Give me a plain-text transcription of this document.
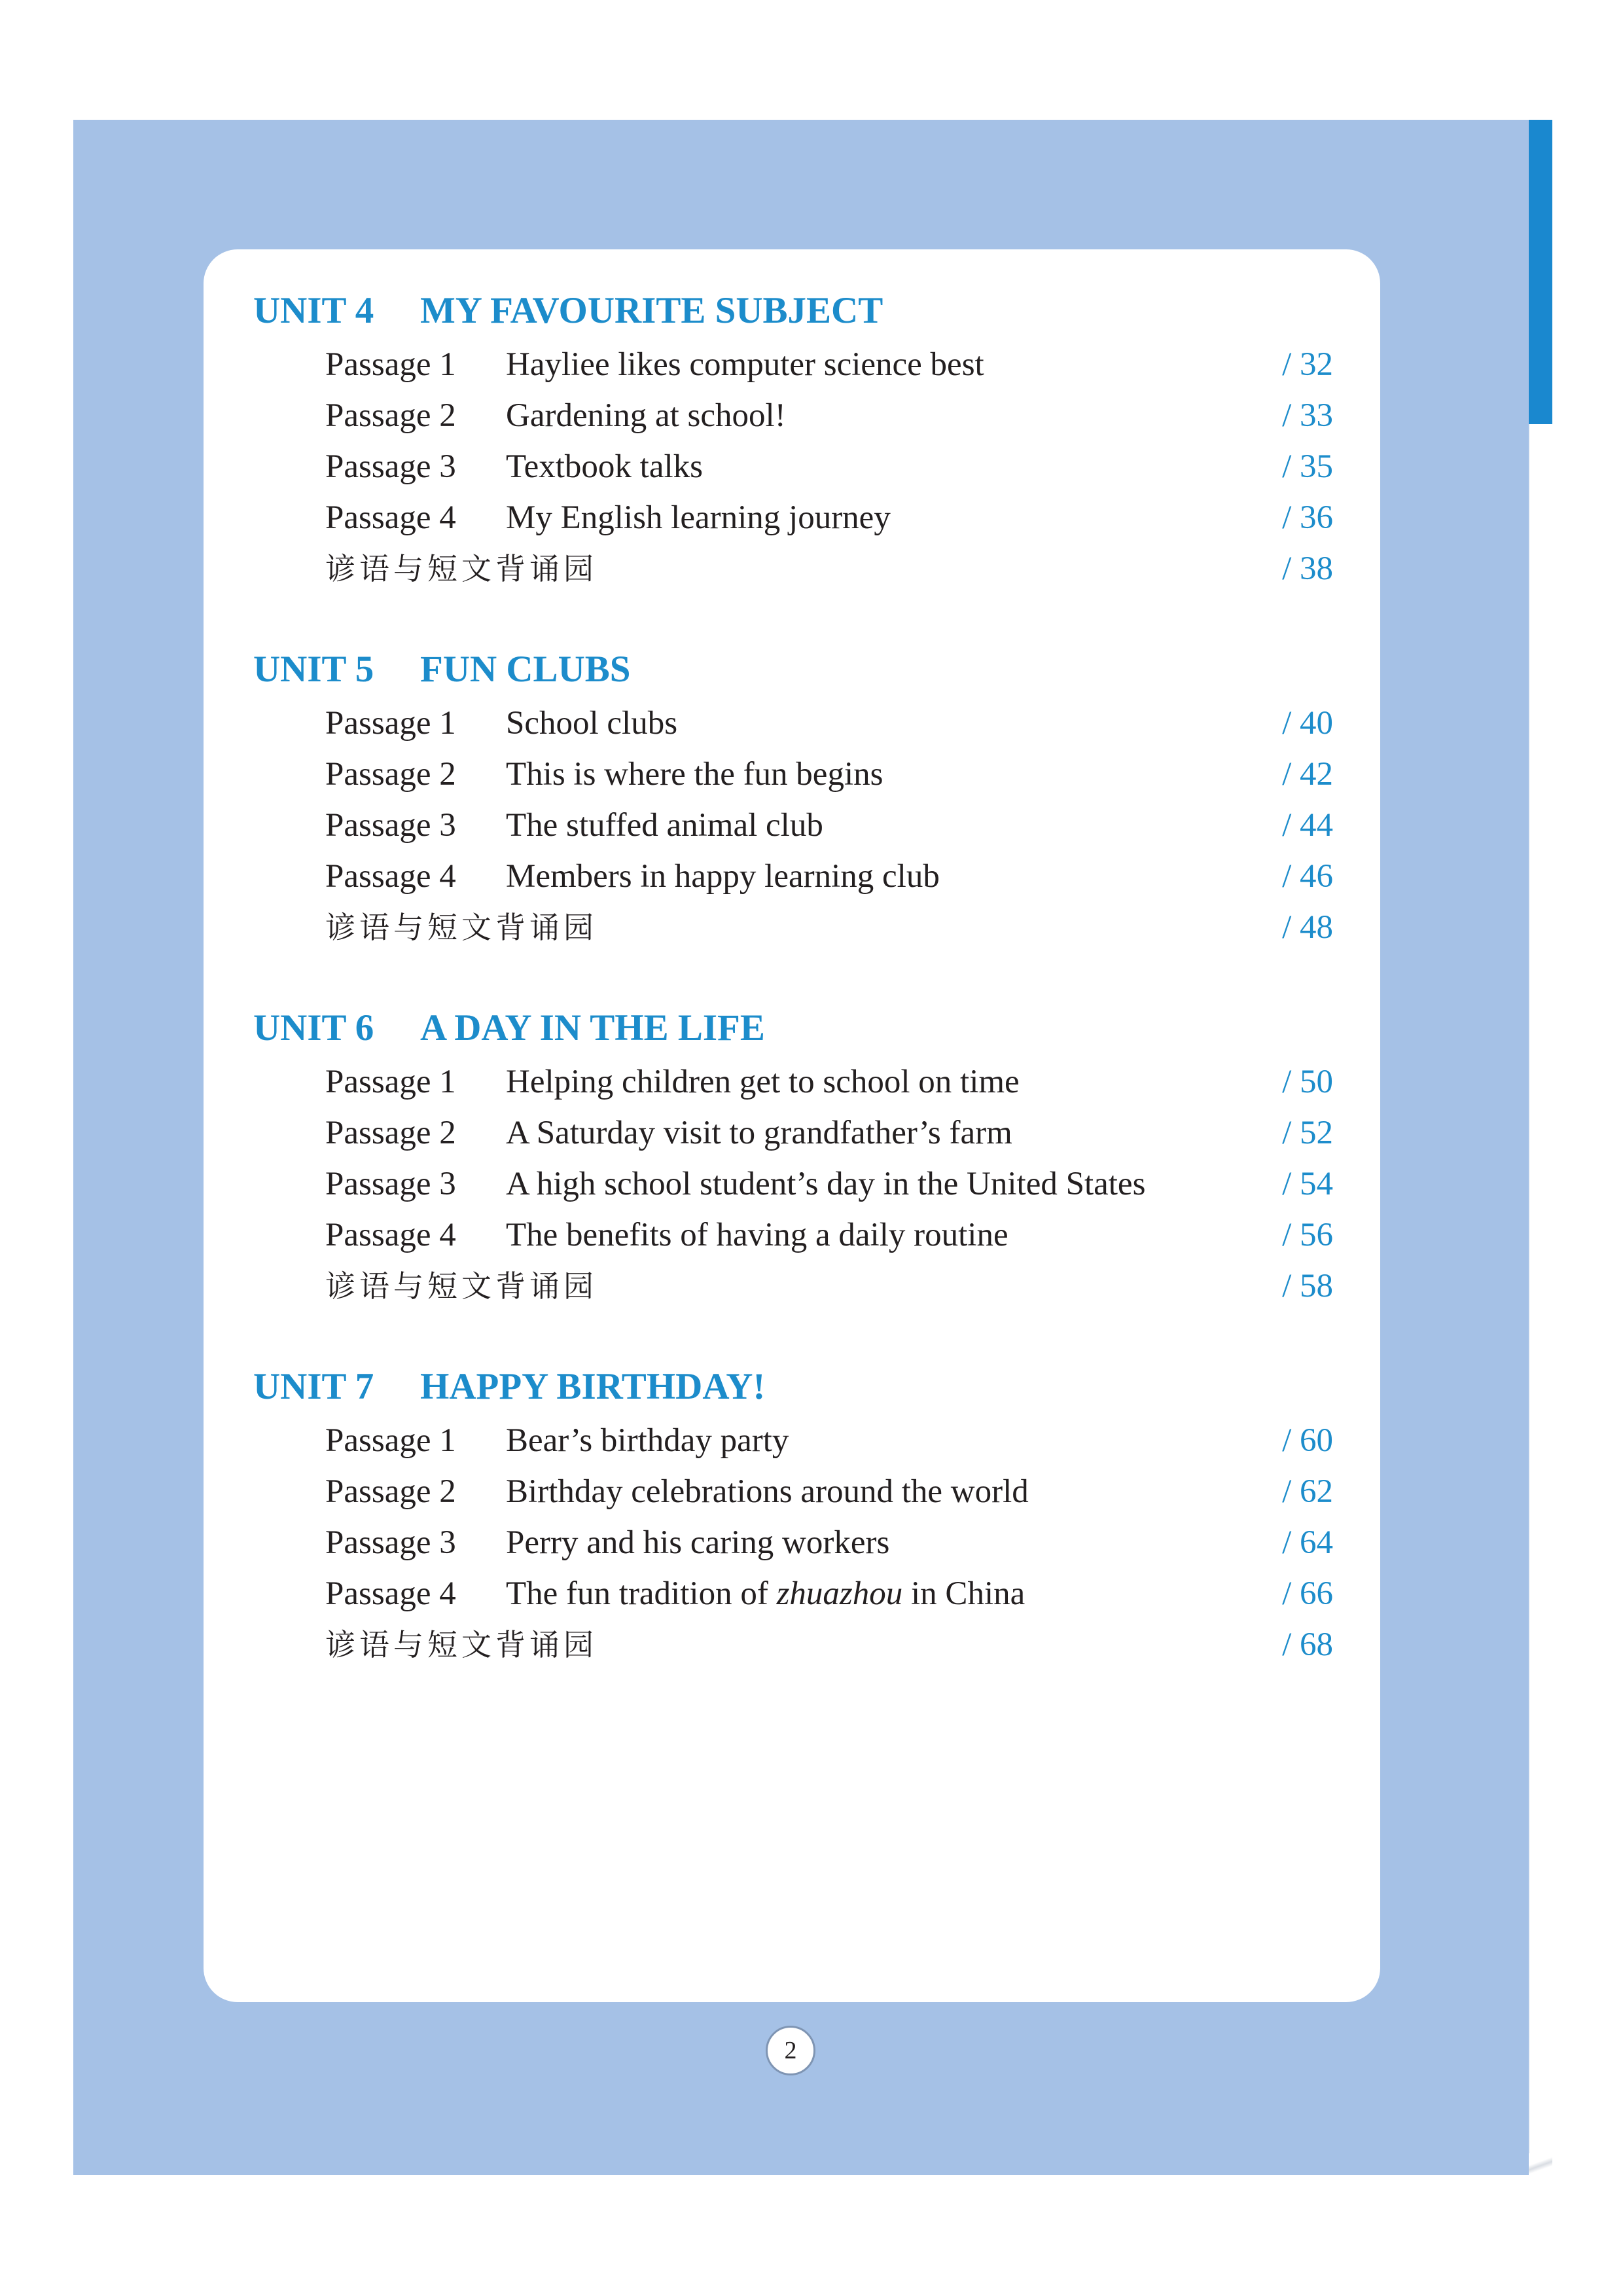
UNIT 4 MY FAVOURITE SUBJECT
Passage 1 Hayliee likes computer science best	/ 32
Passage 2 Gardening at school!	/ 33
Passage 3 Textbook talks	/ 35
Passage 4 My English learning journey	/ 36
谚语与短文背诵园	/ 38
UNIT 5 FUN CLUBS
Passage 1 School clubs	/ 40
Passage 2 This is where the fun begins	/ 42
Passage 3 The stuffed animal club	/ 44
Passage 4 Members in happy learning club	/ 46
谚语与短文背诵园	/ 48
UNIT 6 A DAY IN THE LIFE
Passage 1 Helping children get to school on time	/ 50
Passage 2 A Saturday visit to grandfather’s farm	/ 52
Passage 3 A high school student’s day in the United States	/ 54
Passage 4 The benefits of having a daily routine	/ 56
谚语与短文背诵园	/ 58
UNIT 7 HAPPY BIRTHDAY!
Passage 1 Bear’s birthday party	/ 60
Passage 2 Birthday celebrations around the world	/ 62
Passage 3 Perry and his caring workers	/ 64
Passage 4 The fun tradition of zhuazhou in China	/ 66
谚语与短文背诵园	/ 68
2
